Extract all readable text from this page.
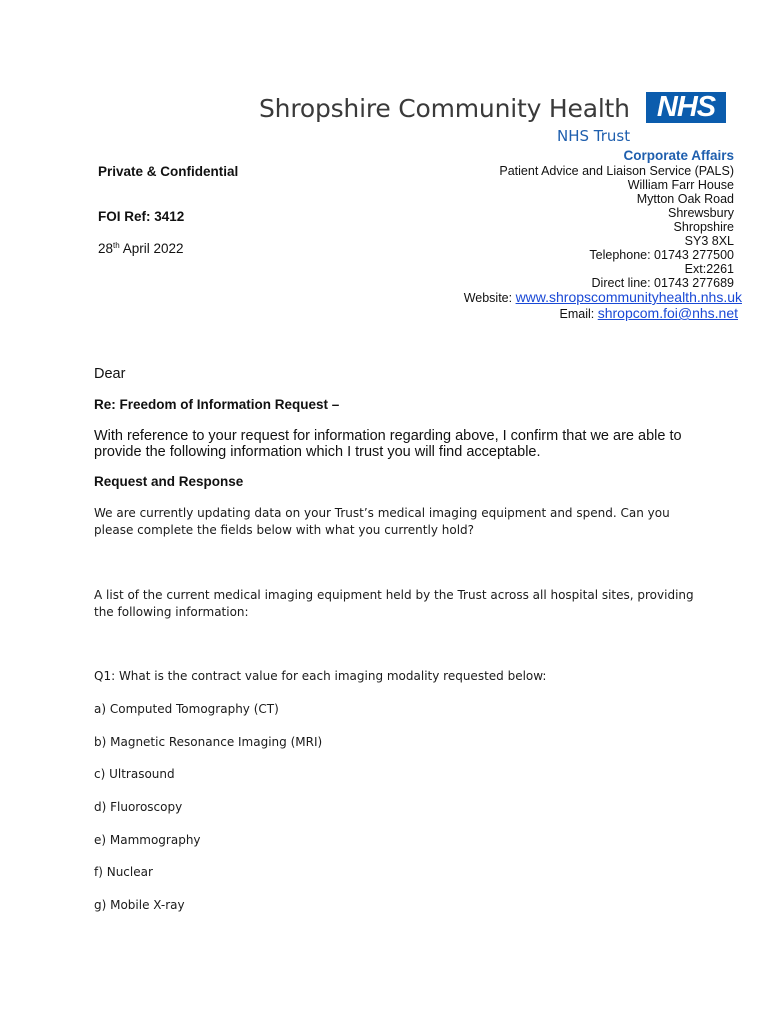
Shropshire Community Health NHS
NHS Trust
Corporate Affairs
Private & Confidential
FOI Ref: 3412
28th April 2022
Patient Advice and Liaison Service (PALS)
William Farr House
Mytton Oak Road
Shrewsbury
Shropshire
SY3 8XL
Telephone: 01743 277500
Ext:2261
Direct line: 01743 277689
Website: www.shropscommunityhealth.nhs.uk
Email: shropcom.foi@nhs.net
Dear
Re: Freedom of Information Request –
With reference to your request for information regarding above, I confirm that we are able to provide the following information which I trust you will find acceptable.
Request and Response
We are currently updating data on your Trust’s medical imaging equipment and spend. Can you please complete the fields below with what you currently hold?
A list of the current medical imaging equipment held by the Trust across all hospital sites, providing the following information:
Q1: What is the contract value for each imaging modality requested below:
a) Computed Tomography (CT)
b) Magnetic Resonance Imaging (MRI)
c) Ultrasound
d) Fluoroscopy
e) Mammography
f) Nuclear
g) Mobile X-ray
